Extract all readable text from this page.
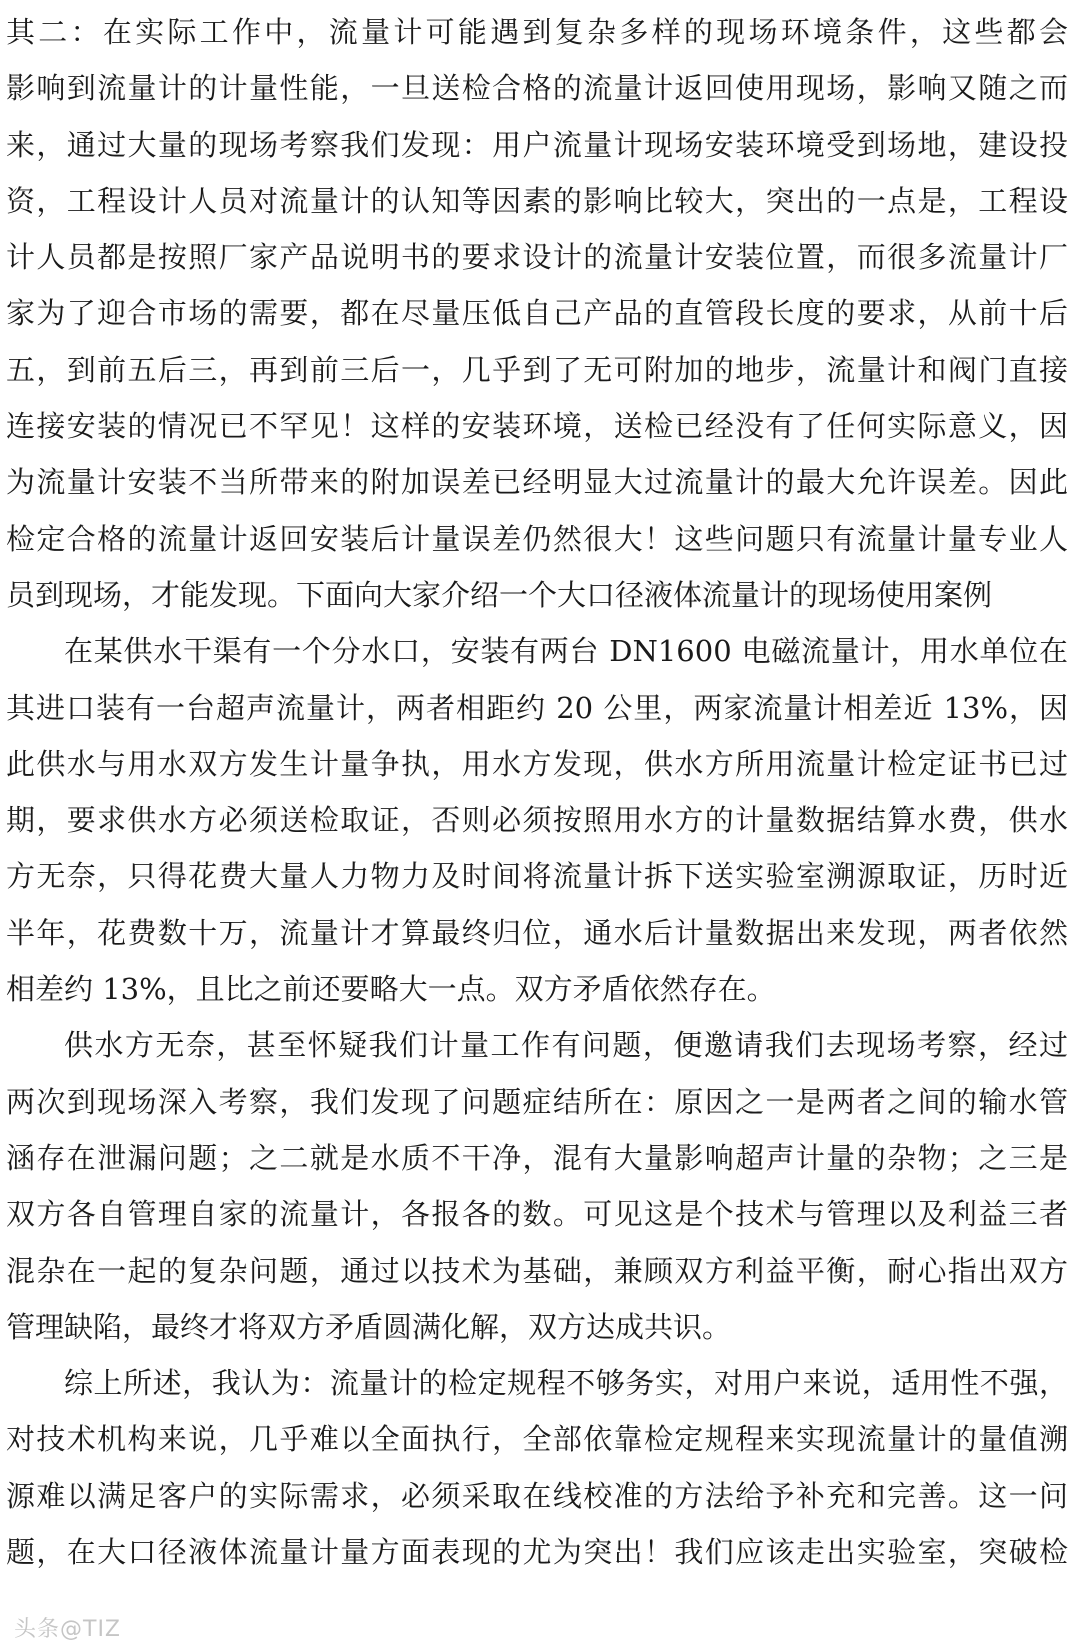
其二：在实际工作中，流量计可能遇到复杂多样的现场环境条件，这些都会
影响到流量计的计量性能，一旦送检合格的流量计返回使用现场，影响又随之而
来，通过大量的现场考察我们发现：用户流量计现场安装环境受到场地，建设投
资，工程设计人员对流量计的认知等因素的影响比较大，突出的一点是，工程设
计人员都是按照厂家产品说明书的要求设计的流量计安装位置，而很多流量计厂
家为了迎合市场的需要，都在尽量压低自己产品的直管段长度的要求，从前十后
五，到前五后三，再到前三后一，几乎到了无可附加的地步，流量计和阀门直接
连接安装的情况已不罕见！这样的安装环境，送检已经没有了任何实际意义，因
为流量计安装不当所带来的附加误差已经明显大过流量计的最大允许误差。因此
检定合格的流量计返回安装后计量误差仍然很大！这些问题只有流量计量专业人
员到现场，才能发现。下面向大家介绍一个大口径液体流量计的现场使用案例
在某供水干渠有一个分水口，安装有两台 DN1600 电磁流量计，用水单位在
其进口装有一台超声流量计，两者相距约 20 公里，两家流量计相差近 13%，因
此供水与用水双方发生计量争执，用水方发现，供水方所用流量计检定证书已过
期，要求供水方必须送检取证，否则必须按照用水方的计量数据结算水费，供水
方无奈，只得花费大量人力物力及时间将流量计拆下送实验室溯源取证，历时近
半年，花费数十万，流量计才算最终归位，通水后计量数据出来发现，两者依然
相差约 13%，且比之前还要略大一点。双方矛盾依然存在。
供水方无奈，甚至怀疑我们计量工作有问题，便邀请我们去现场考察，经过
两次到现场深入考察，我们发现了问题症结所在：原因之一是两者之间的输水管
涵存在泄漏问题；之二就是水质不干净，混有大量影响超声计量的杂物；之三是
双方各自管理自家的流量计，各报各的数。可见这是个技术与管理以及利益三者
混杂在一起的复杂问题，通过以技术为基础，兼顾双方利益平衡，耐心指出双方
管理缺陷，最终才将双方矛盾圆满化解，双方达成共识。
综上所述，我认为：流量计的检定规程不够务实，对用户来说，适用性不强，
对技术机构来说，几乎难以全面执行，全部依靠检定规程来实现流量计的量值溯
源难以满足客户的实际需求，必须采取在线校准的方法给予补充和完善。这一问
题，在大口径液体流量计量方面表现的尤为突出！我们应该走出实验室，突破检
头条@TIZ
